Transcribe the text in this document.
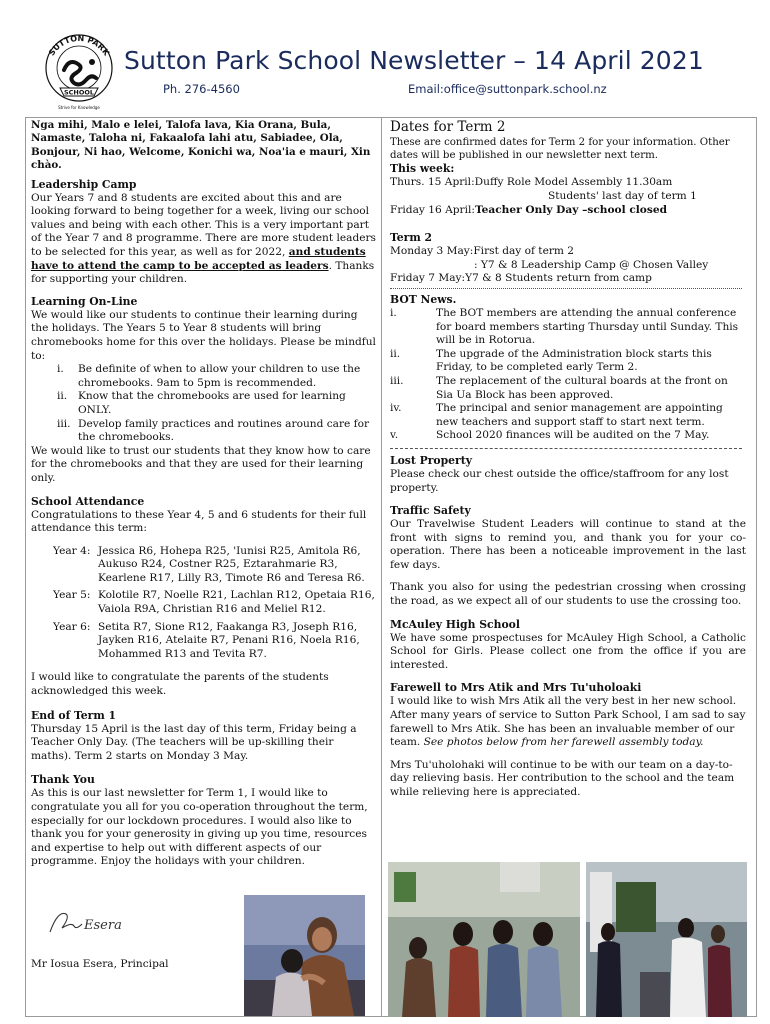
SUTTON PARK
SCHOOL
Strive for Knowledge
Sutton Park School Newsletter – 14 April 2021
Ph. 276-4560	Email:office@suttonpark.school.nz

Nga mihi, Malo e lelei, Talofa lava, Kia Orana, Bula, Namaste, Taloha ni, Fakaalofa lahi atu, Sabiadee, Ola, Bonjour, Ni hao, Welcome, Konichi wa, Noa'ia e mauri, Xin chào.

Leadership Camp

Our Years 7 and 8 students are excited about this and are looking forward to being together for a week, living our school values and being with each other. This is a very important part of the Year 7 and 8 programme. There are more student leaders to be selected for this year, as well as for 2022, and students have to attend the camp to be accepted as leaders. Thanks for supporting your children.

Learning On-Line

We would like our students to continue their learning during the holidays. The Years 5 to Year 8 students will bring chromebooks home for this over the holidays. Please be mindful to:

i.	Be definite of when to allow your children to use the chromebooks. 9am to 5pm is recommended.
ii.	Know that the chromebooks are used for learning ONLY.
iii. Develop family practices and routines around care for the chromebooks.

We would like to trust our students that they know how to care for the chromebooks and that they are used for their learning only.

School Attendance

Congratulations to these Year 4, 5 and 6 students for their full attendance this term:

Year 4: Jessica R6, Hohepa R25, 'Iunisi R25, Amitola R6, Aukuso R24, Costner R25, Eztarahmarie R3, Kearlene R17, Lilly R3, Timote R6 and Teresa R6.
Year 5: Kolotile R7, Noelle R21, Lachlan R12, Opetaia R16, Vaiola R9A, Christian R16 and Meliel R12.
Year 6: Setita R7, Sione R12, Faakanga R3, Joseph R16, Jayken R16, Atelaite R7, Penani R16, Noela R16, Mohammed R13 and Tevita R7.

I would like to congratulate the parents of the students acknowledged this week.

End of Term 1

Thursday 15 April is the last day of this term, Friday being a Teacher Only Day. (The teachers will be up-skilling their maths). Term 2 starts on Monday 3 May.

Thank You

As this is our last newsletter for Term 1, I would like to congratulate you all for you co-operation throughout the term, especially for our lockdown procedures. I would also like to thank you for your generosity in giving up you time, resources and expertise to help out with different aspects of our programme. Enjoy the holidays with your children.

Esera
Mr Iosua Esera, Principal
Dates for Term 2

These are confirmed dates for Term 2 for your information. Other dates will be published in our newsletter next term.

This week:
Thurs. 15 April: Duffy Role Model Assembly 11.30am
Students' last day of term 1
Friday 16 April: Teacher Only Day –school closed
Term 2
Monday 3 May: First day of term 2
: Y7 & 8 Leadership Camp @ Chosen Valley
Friday 7 May: Y7 & 8 Students return from camp
BOT News.
i.	The BOT members are attending the annual conference for board members starting Thursday until Sunday. This will be in Rotorua.
ii.	The upgrade of the Administration block starts this Friday, to be completed early Term 2.
iii.	The replacement of the cultural boards at the front on Sia Ua Block has been approved.
iv.	The principal and senior management are appointing new teachers and support staff to start next term.
v.	School 2020 finances will be audited on the 7 May.
Lost Property

Please check our chest outside the office/staffroom for any lost property.

Traffic Safety

Our Travelwise Student Leaders will continue to stand at the front with signs to remind you, and thank you for your co-operation. There has been a noticeable improvement in the last few days.

Thank you also for using the pedestrian crossing when crossing the road, as we expect all of our students to use the crossing too.

McAuley High School

We have some prospectuses for McAuley High School, a Catholic School for Girls. Please collect one from the office if you are interested.

Farewell to Mrs Atik and Mrs Tu'uholoaki

I would like to wish Mrs Atik all the very best in her new school. After many years of service to Sutton Park School, I am sad to say farewell to Mrs Atik. She has been an invaluable member of our team. See photos below from her farewell assembly today.

Mrs Tu'uholohaki will continue to be with our team on a day-to-day relieving basis. Her contribution to the school and the team while relieving here is appreciated.
